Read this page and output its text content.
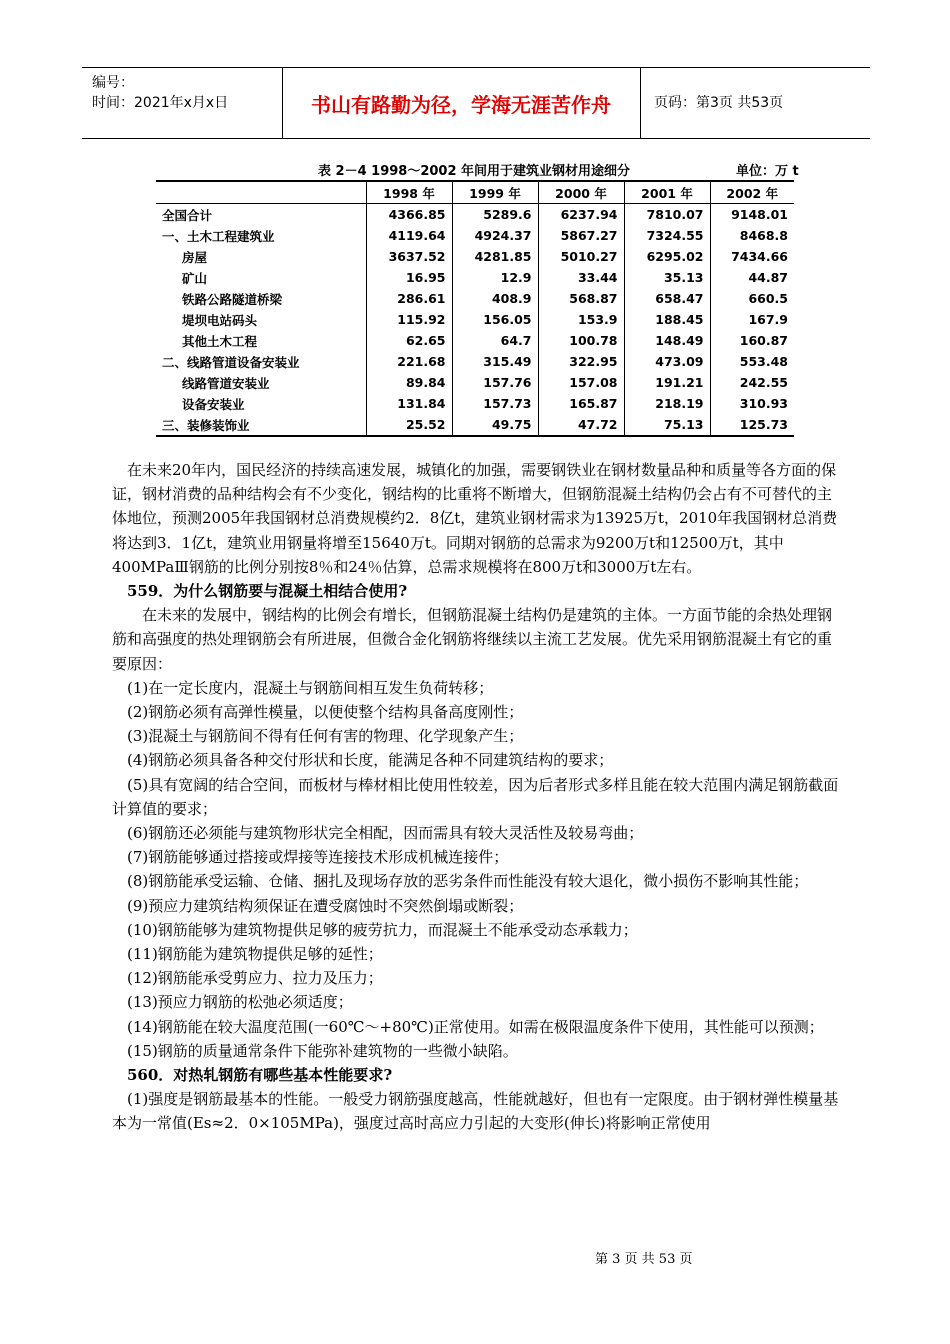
编号：
时间：2021年x月x日	书山有路勤为径，学海无涯苦作舟	页码：第3页 共53页
表 2－4 1998～2002 年间用于建筑业钢材用途细分	单位：万 t
	1998 年	1999 年	2000 年	2001 年	2002 年
全国合计	4366.85	5289.6	6237.94	7810.07	9148.01
一、土木工程建筑业	4119.64	4924.37	5867.27	7324.55	8468.8
房屋	3637.52	4281.85	5010.27	6295.02	7434.66
矿山	16.95	12.9	33.44	35.13	44.87
铁路公路隧道桥梁	286.61	408.9	568.87	658.47	660.5
堤坝电站码头	115.92	156.05	153.9	188.45	167.9
其他土木工程	62.65	64.7	100.78	148.49	160.87
二、线路管道设备安装业	221.68	315.49	322.95	473.09	553.48
线路管道安装业	89.84	157.76	157.08	191.21	242.55
设备安装业	131.84	157.73	165.87	218.19	310.93
三、装修装饰业	25.52	49.75	47.72	75.13	125.73

在未来20年内，国民经济的持续高速发展，城镇化的加强，需要钢铁业在钢材数量品种和质量等各方面的保证，钢材消费的品种结构会有不少变化，钢结构的比重将不断增大，但钢筋混凝土结构仍会占有不可替代的主体地位，预测2005年我国钢材总消费规模约2．8亿t，建筑业钢材需求为13925万t，2010年我国钢材总消费将达到3．1亿t，建筑业用钢量将增至15640万t。同期对钢筋的总需求为9200万t和12500万t，其中400MPaⅢ钢筋的比例分别按8％和24％估算，总需求规模将在800万t和3000万t左右。

559．为什么钢筋要与混凝土相结合使用?

在未来的发展中，钢结构的比例会有增长，但钢筋混凝土结构仍是建筑的主体。一方面节能的余热处理钢筋和高强度的热处理钢筋会有所进展，但微合金化钢筋将继续以主流工艺发展。优先采用钢筋混凝土有它的重要原因：

(1)在一定长度内，混凝土与钢筋间相互发生负荷转移；

(2)钢筋必须有高弹性模量，以便使整个结构具备高度刚性；

(3)混凝土与钢筋间不得有任何有害的物理、化学现象产生；

(4)钢筋必须具备各种交付形状和长度，能满足各种不同建筑结构的要求；

(5)具有宽阔的结合空间，而板材与棒材相比使用性较差，因为后者形式多样且能在较大范围内满足钢筋截面计算值的要求；

(6)钢筋还必须能与建筑物形状完全相配，因而需具有较大灵活性及较易弯曲；

(7)钢筋能够通过搭接或焊接等连接技术形成机械连接件；

(8)钢筋能承受运输、仓储、捆扎及现场存放的恶劣条件而性能没有较大退化，微小损伤不影响其性能；

(9)预应力建筑结构须保证在遭受腐蚀时不突然倒塌或断裂；

(10)钢筋能够为建筑物提供足够的疲劳抗力，而混凝土不能承受动态承载力；

(11)钢筋能为建筑物提供足够的延性；

(12)钢筋能承受剪应力、拉力及压力；

(13)预应力钢筋的松弛必须适度；

(14)钢筋能在较大温度范围(一60℃～+80℃)正常使用。如需在极限温度条件下使用，其性能可以预测；

(15)钢筋的质量通常条件下能弥补建筑物的一些微小缺陷。

560．对热轧钢筋有哪些基本性能要求?

(1)强度是钢筋最基本的性能。一般受力钢筋强度越高，性能就越好，但也有一定限度。由于钢材弹性模量基本为一常值(Es≈2．0×105MPa)，强度过高时高应力引起的大变形(伸长)将影响正常使用

第 3 页 共 53 页
